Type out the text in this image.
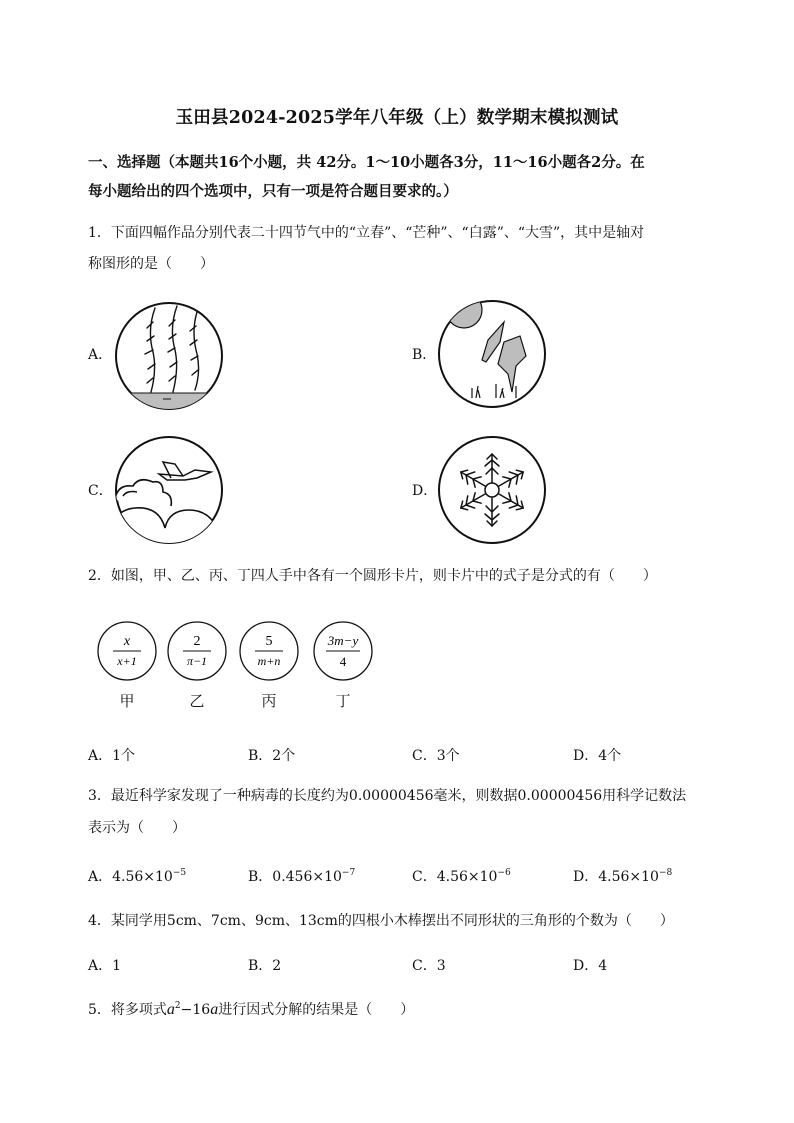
玉田县2024-2025学年八年级（上）数学期末模拟测试
一、选择题（本题共16个小题，共 42分。1～10小题各3分，11～16小题各2分。在
每小题给出的四个选项中，只有一项是符合题目要求的。）
1．下面四幅作品分别代表二十四节气中的“立春”、“芒种”、“白露”、“大雪”，其中是轴对
称图形的是（　　）
A．	B．
C．	D．
2．如图，甲、乙、丙、丁四人手中各有一个圆形卡片，则卡片中的式子是分式的有（　　）
x
x+1
2
π−1
5
m+n
3m−y
4
甲	乙	丙	丁
A．1个	B．2个	C．3个	D．4个
3．最近科学家发现了一种病毒的长度约为0.00000456毫米，则数据0.00000456用科学记数法
表示为（　　）
A．$4.56\times 10^{-5}$	B．$0.456\times 10^{-7}$	C．$4.56\times 10^{-6}$	D．$4.56\times 10^{-8}$
4．某同学用5cm、7cm、9cm、13cm的四根小木棒摆出不同形状的三角形的个数为（　　）
A．1	B．2	C．3	D．4
5．将多项式$a^2-16a$进行因式分解的结果是（　　）
